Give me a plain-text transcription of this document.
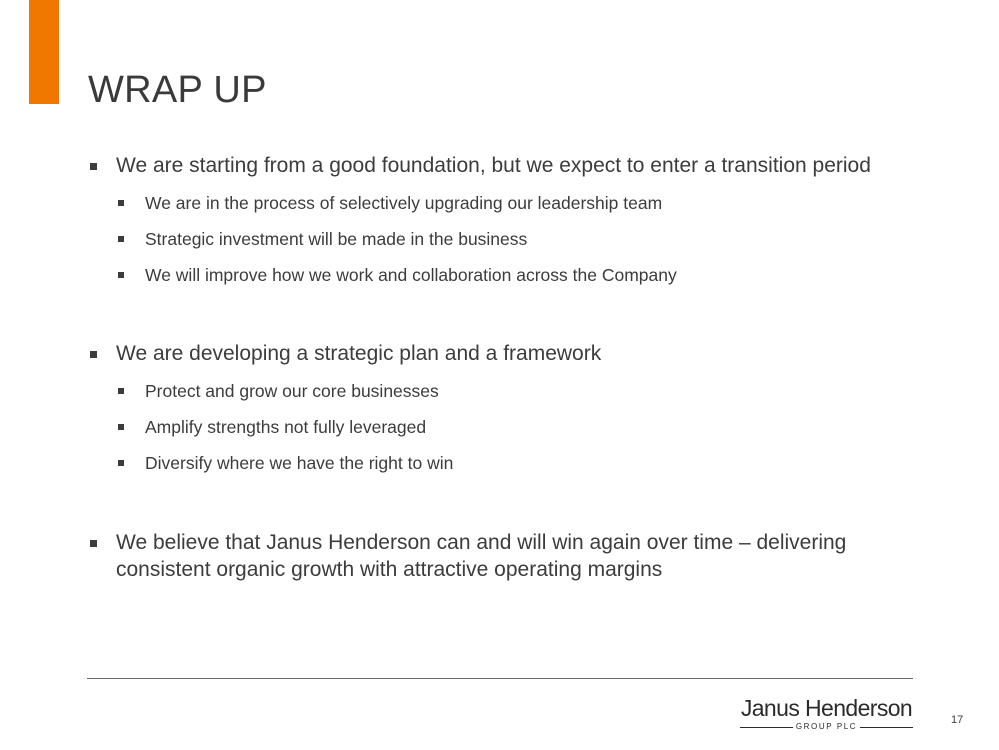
WRAP UP
We are starting from a good foundation, but we expect to enter a transition period
We are in the process of selectively upgrading our leadership team
Strategic investment will be made in the business
We will improve how we work and collaboration across the Company
We are developing a strategic plan and a framework
Protect and grow our core businesses
Amplify strengths not fully leveraged
Diversify where we have the right to win
We believe that Janus Henderson can and will win again over time – delivering consistent organic growth with attractive operating margins
Janus Henderson
GROUP PLC
17
